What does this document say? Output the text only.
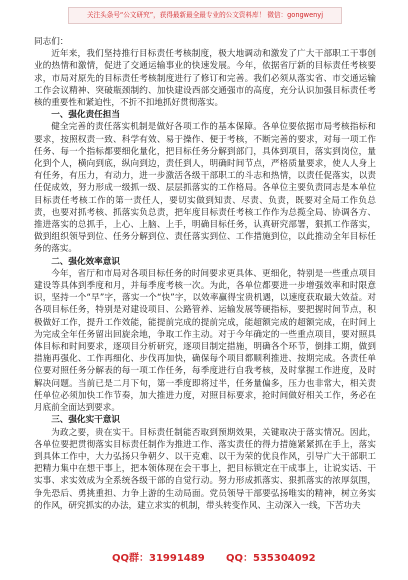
关注头条号“公文研究”，获得最新最全最专业的公文资料库！ 微信：gongwenyj

同志们：

近年来，我们坚持推行目标责任考核制度，极大地调动和激发了广大干部职工干事创业的热情和激情，促进了交通运输事业的快速发展。今年，依据省厅新的目标责任考核要求，市局对原先的目标责任考核制度进行了修订和完善。我们必须从落实省、市交通运输工作会议精神、突破瓶颈制约、加快建设西部交通强市的高度，充分认识加强目标责任考核的重要性和紧迫性，不折不扣地抓好贯彻落实。

一、强化责任担当

健全完善的责任落实机制是做好各项工作的基本保障。各单位要依据市局考核指标和要求，按照权责一致、科学有效、易于操作、便于考核，不断完善的要求，对每一项工作任务、每一个指标都要细化量化，把目标任务分解到部门，具体到项目，落实到岗位，量化到个人，横向到底，纵向到边，责任到人，明确时间节点，严格质量要求，使人人身上有任务，有压力，有动力，进一步激活各级干部职工的斗志和热情，以责任促落实，以责任促成效，努力形成一级抓一级、层层抓落实的工作格局。各单位主要负责同志是本单位目标责任考核工作的第一责任人，要切实做到知责、尽责、负责，既要对全局工作负总责，也要对抓考核、抓落实负总责，把年度目标责任考核工作作为总揽全局、协调各方、推进落实的总抓手，上心、上脑、上手，明确目标任务，认真研究部署，狠抓工作落实，做到组织领导到位、任务分解到位、责任落实到位、工作措施到位，以此推动全年目标任务的落实。

二、强化效率意识

今年，省厅和市局对各项目标任务的时间要求更具体、更细化，特别是一些重点项目建设等具体到季度和月，并每季度考核一次。为此，各单位都要进一步增强效率和时限意识，坚持一个“早”字，落实一个“快”字，以效率赢得宝贵机遇，以速度获取最大效益。对各项目标任务，特别是对建设项目、公路管养、运输发展等硬指标，要把握时间节点，积极做好工作，提升工作效能，能提前完成的提前完成，能超额完成的超额完成，在时间上为完成全年任务留出回旋余地，争取工作主动。对于今年确定的一些重点项目，要对照具体目标和时间要求，逐项目分析研究，逐项目制定措施，明确各个环节，倒排工期，做到措施再强化、工作再细化、步伐再加快，确保每个项目都顺利推进、按期完成。各责任单位要对照任务分解表的每一项工作任务，每季度进行自我考核，及时掌握工作进度，及时解决问题。当前已是二月下旬，第一季度即将过半，任务量偏多，压力也非常大，相关责任单位必须加快工作节奏，加大推进力度，对照目标要求，抢时间做好相关工作，务必在月底前全面达到要求。

三、强化实干意识

为政之要，贵在实干。目标责任制能否取到预期效果，关键取决于落实情况。因此，各单位要把贯彻落实目标责任制作为推进工作、落实责任的得力措施紧紧抓在手上，落实到具体工作中，大力弘扬只争朝夕、以干克难、以干为荣的优良作风，引导广大干部职工把精力集中在想干事上，把本领体现在会干事上，把目标锁定在干成事上，让说实话、干实事、求实效成为全系统各级干部的自觉行动。努力形成抓落实、狠抓落实的浓厚氛围，争先恐后、勇挑重担、力争上游的生动局面。党员领导干部要弘扬唯实的精神，树立务实的作风，研究抓实的办法，建立求实的机制，带头转变作风、主动深入一线，下苦功夫

QQ群：31991489 QQ：535304092
